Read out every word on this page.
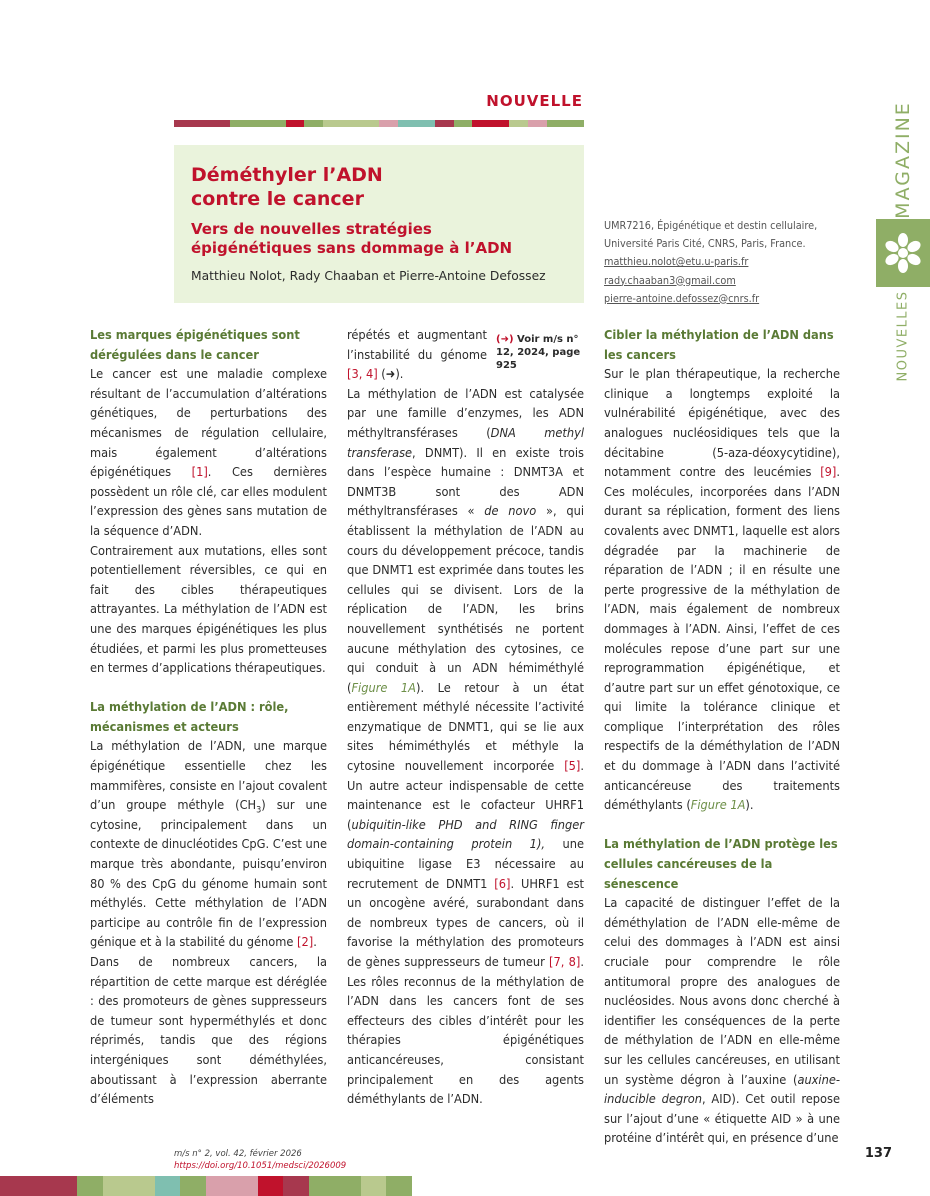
NOUVELLE
Déméthyler l’ADN
contre le cancer
Vers de nouvelles stratégies
épigénétiques sans dommage à l’ADN
Matthieu Nolot, Rady Chaaban et Pierre-Antoine Defossez
UMR7216, Épigénétique et destin cellulaire,
Université Paris Cité, CNRS, Paris, France.
matthieu.nolot@etu.u-paris.fr
rady.chaaban3@gmail.com
pierre-antoine.defossez@cnrs.fr
MAGAZINE
NOUVELLES
Les marques épigénétiques sont dérégulées dans le cancer

Le cancer est une maladie complexe résultant de l’accumulation d’altérations génétiques, de perturbations des mécanismes de régulation cellulaire, mais également d’altérations épigénétiques [1]. Ces dernières possèdent un rôle clé, car elles modulent l’expression des gènes sans mutation de la séquence d’ADN.

Contrairement aux mutations, elles sont potentiellement réversibles, ce qui en fait des cibles thérapeutiques attrayantes. La méthylation de l’ADN est une des marques épigénétiques les plus étudiées, et parmi les plus prometteuses en termes d’applications thérapeutiques.

La méthylation de l’ADN : rôle, mécanismes et acteurs

La méthylation de l’ADN, une marque épigénétique essentielle chez les mammifères, consiste en l’ajout covalent d’un groupe méthyle $(CH_3)$ sur une cytosine, principalement dans un contexte de dinucléotides CpG. C’est une marque très abondante, puisqu’environ 80 % des CpG du génome humain sont méthylés. Cette méthylation de l’ADN participe au contrôle fin de l’expression génique et à la stabilité du génome [2].

Dans de nombreux cancers, la répartition de cette marque est déréglée : des promoteurs de gènes suppresseurs de tumeur sont hyperméthylés et donc réprimés, tandis que des régions intergéniques sont déméthylées, aboutissant à l’expression aberrante d’éléments

(➜) Voir m/s n° 12, 2024, page 925

répétés et augmentant l’instabilité du génome [3, 4] (➜).

La méthylation de l’ADN est catalysée par une famille d’enzymes, les ADN méthyltransférases (DNA methyl transferase, DNMT). Il en existe trois dans l’espèce humaine : DNMT3A et DNMT3B sont des ADN méthyltransférases « de novo », qui établissent la méthylation de l’ADN au cours du développement précoce, tandis que DNMT1 est exprimée dans toutes les cellules qui se divisent. Lors de la réplication de l’ADN, les brins nouvellement synthétisés ne portent aucune méthylation des cytosines, ce qui conduit à un ADN hémiméthylé (Figure 1A). Le retour à un état entièrement méthylé nécessite l’activité enzymatique de DNMT1, qui se lie aux sites hémiméthylés et méthyle la cytosine nouvellement incorporée [5]. Un autre acteur indispensable de cette maintenance est le cofacteur UHRF1 (ubiquitin-like PHD and RING finger domain-containing protein 1), une ubiquitine ligase E3 nécessaire au recrutement de DNMT1 [6]. UHRF1 est un oncogène avéré, surabondant dans de nombreux types de cancers, où il favorise la méthylation des promoteurs de gènes suppresseurs de tumeur [7, 8]. Les rôles reconnus de la méthylation de l’ADN dans les cancers font de ses effecteurs des cibles d’intérêt pour les thérapies épigénétiques anticancéreuses, consistant principalement en des agents déméthylants de l’ADN.

Cibler la méthylation de l’ADN dans les cancers

Sur le plan thérapeutique, la recherche clinique a longtemps exploité la vulnérabilité épigénétique, avec des analogues nucléosidiques tels que la décitabine (5-aza-déoxycytidine), notamment contre des leucémies [9]. Ces molécules, incorporées dans l’ADN durant sa réplication, forment des liens covalents avec DNMT1, laquelle est alors dégradée par la machinerie de réparation de l’ADN ; il en résulte une perte progressive de la méthylation de l’ADN, mais également de nombreux dommages à l’ADN. Ainsi, l’effet de ces molécules repose d’une part sur une reprogrammation épigénétique, et d’autre part sur un effet génotoxique, ce qui limite la tolérance clinique et complique l’interprétation des rôles respectifs de la déméthylation de l’ADN et du dommage à l’ADN dans l’activité anticancéreuse des traitements déméthylants (Figure 1A).

La méthylation de l’ADN protège les cellules cancéreuses de la sénescence

La capacité de distinguer l’effet de la déméthylation de l’ADN elle-même de celui des dommages à l’ADN est ainsi cruciale pour comprendre le rôle antitumoral propre des analogues de nucléosides. Nous avons donc cherché à identifier les conséquences de la perte de méthylation de l’ADN en elle-même sur les cellules cancéreuses, en utilisant un système dégron à l’auxine (auxine-inducible degron, AID). Cet outil repose sur l’ajout d’une « étiquette AID » à une protéine d’intérêt qui, en présence d’une

m/s n° 2, vol. 42, février 2026
https://doi.org/10.1051/medsci/2026009
137
